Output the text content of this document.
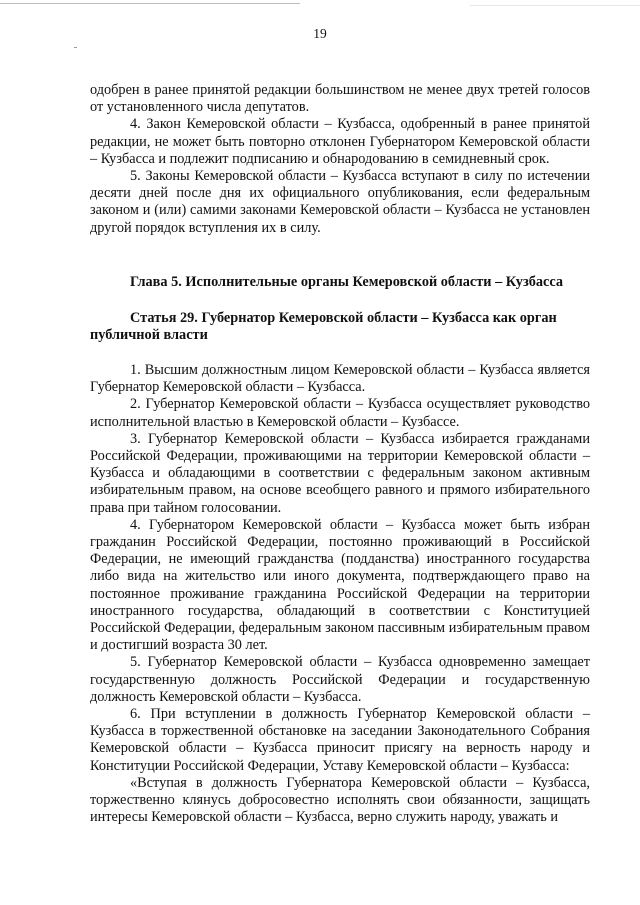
19

одобрен в ранее принятой редакции большинством не менее двух третей голосов от установленного числа депутатов.

4. Закон Кемеровской области – Кузбасса, одобренный в ранее принятой редакции, не может быть повторно отклонен Губернатором Кемеровской области – Кузбасса и подлежит подписанию и обнародованию в семидневный срок.

5. Законы Кемеровской области – Кузбасса вступают в силу по истечении десяти дней после дня их официального опубликования, если федеральным законом и (или) самими законами Кемеровской области – Кузбасса не установлен другой порядок вступления их в силу.

Глава 5. Исполнительные органы Кемеровской области – Кузбасса

Статья 29. Губернатор Кемеровской области – Кузбасса как орган публичной власти

1. Высшим должностным лицом Кемеровской области – Кузбасса является Губернатор Кемеровской области – Кузбасса.

2. Губернатор Кемеровской области – Кузбасса осуществляет руководство исполнительной властью в Кемеровской области – Кузбассе.

3. Губернатор Кемеровской области – Кузбасса избирается гражданами Российской Федерации, проживающими на территории Кемеровской области – Кузбасса и обладающими в соответствии с федеральным законом активным избирательным правом, на основе всеобщего равного и прямого избирательного права при тайном голосовании.

4. Губернатором Кемеровской области – Кузбасса может быть избран гражданин Российской Федерации, постоянно проживающий в Российской Федерации, не имеющий гражданства (подданства) иностранного государства либо вида на жительство или иного документа, подтверждающего право на постоянное проживание гражданина Российской Федерации на территории иностранного государства, обладающий в соответствии с Конституцией Российской Федерации, федеральным законом пассивным избирательным правом и достигший возраста 30 лет.

5. Губернатор Кемеровской области – Кузбасса одновременно замещает государственную должность Российской Федерации и государственную должность Кемеровской области – Кузбасса.

6. При вступлении в должность Губернатор Кемеровской области – Кузбасса в торжественной обстановке на заседании Законодательного Собрания Кемеровской области – Кузбасса приносит присягу на верность народу и Конституции Российской Федерации, Уставу Кемеровской области – Кузбасса:

«Вступая в должность Губернатора Кемеровской области – Кузбасса, торжественно клянусь добросовестно исполнять свои обязанности, защищать интересы Кемеровской области – Кузбасса, верно служить народу, уважать и
